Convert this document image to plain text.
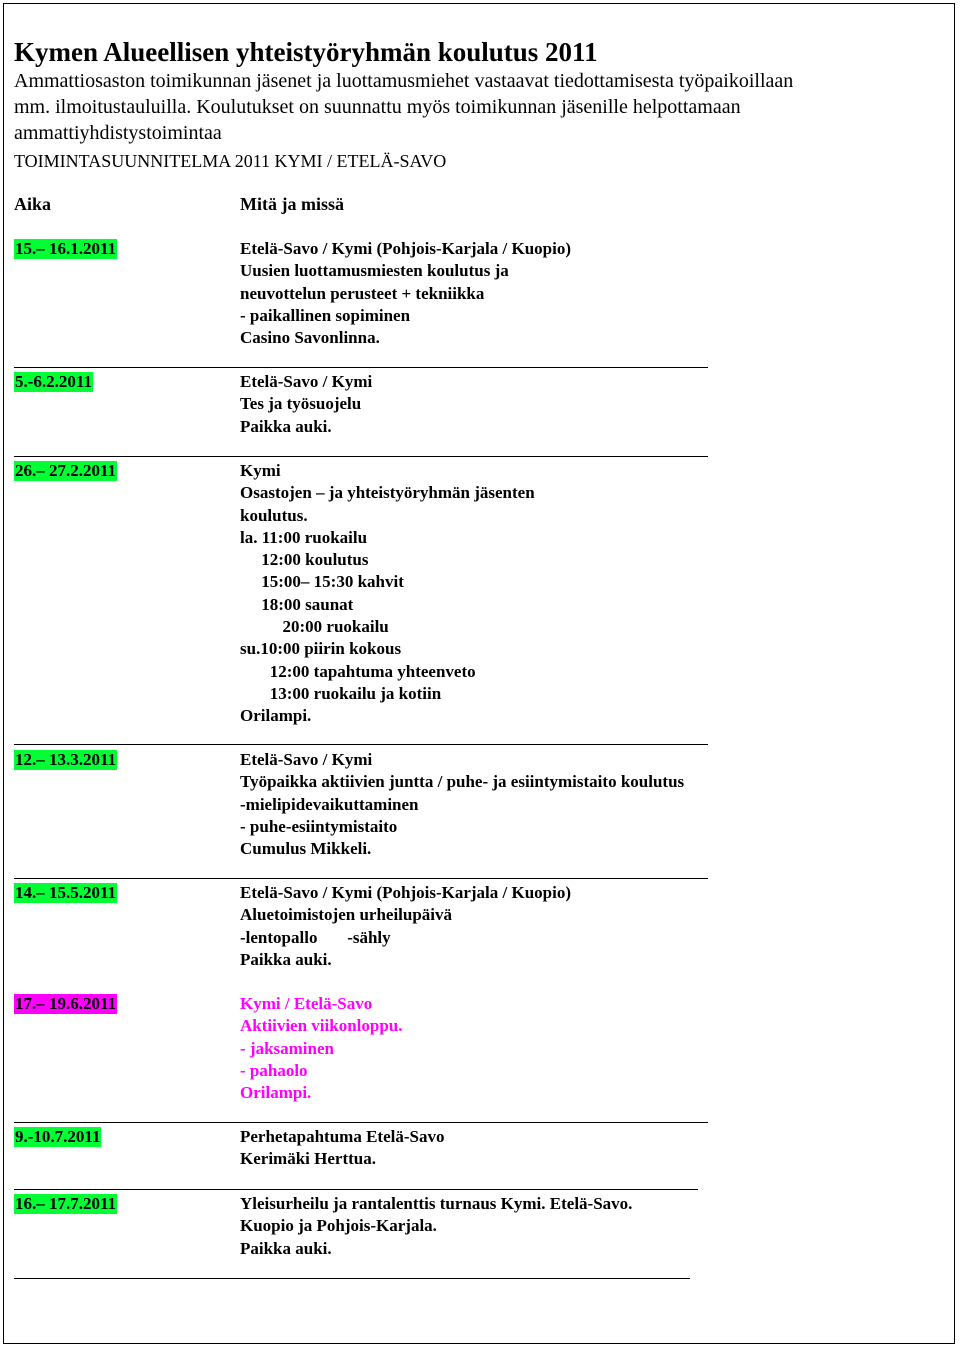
Kymen Alueellisen yhteistyöryhmän koulutus 2011
Ammattiosaston toimikunnan jäsenet ja luottamusmiehet vastaavat tiedottamisesta työpaikoillaan
mm. ilmoitustauluilla. Koulutukset on suunnattu myös toimikunnan jäsenille helpottamaan
ammattiyhdistystoimintaa
TOIMINTASUUNNITELMA 2011 KYMI / ETELÄ-SAVO
Aika	Mitä ja missä
15.– 16.1.2011	Etelä-Savo / Kymi (Pohjois-Karjala / Kuopio)
Uusien luottamusmiesten koulutus ja
neuvottelun perusteet + tekniikka
- paikallinen sopiminen
Casino Savonlinna.
5.-6.2.2011	Etelä-Savo / Kymi
Tes ja työsuojelu
Paikka auki.
26.– 27.2.2011	Kymi
Osastojen – ja yhteistyöryhmän jäsenten
koulutus.
la. 11:00 ruokailu
12:00 koulutus
15:00– 15:30 kahvit
18:00 saunat
20:00 ruokailu
su.10:00 piirin kokous
12:00 tapahtuma yhteenveto
13:00 ruokailu ja kotiin
Orilampi.
12.– 13.3.2011	Etelä-Savo / Kymi
Työpaikka aktiivien juntta / puhe- ja esiintymistaito koulutus
-mielipidevaikuttaminen
- puhe-esiintymistaito
Cumulus Mikkeli.
14.– 15.5.2011	Etelä-Savo / Kymi (Pohjois-Karjala / Kuopio)
Aluetoimistojen urheilupäivä
-lentopallo       -sähly
Paikka auki.
17.– 19.6.2011	Kymi / Etelä-Savo
Aktiivien viikonloppu.
- jaksaminen
- pahaolo
Orilampi.
9.-10.7.2011	Perhetapahtuma Etelä-Savo
Kerimäki Herttua.
16.– 17.7.2011	Yleisurheilu ja rantalenttis turnaus Kymi. Etelä-Savo.
Kuopio ja Pohjois-Karjala.
Paikka auki.
